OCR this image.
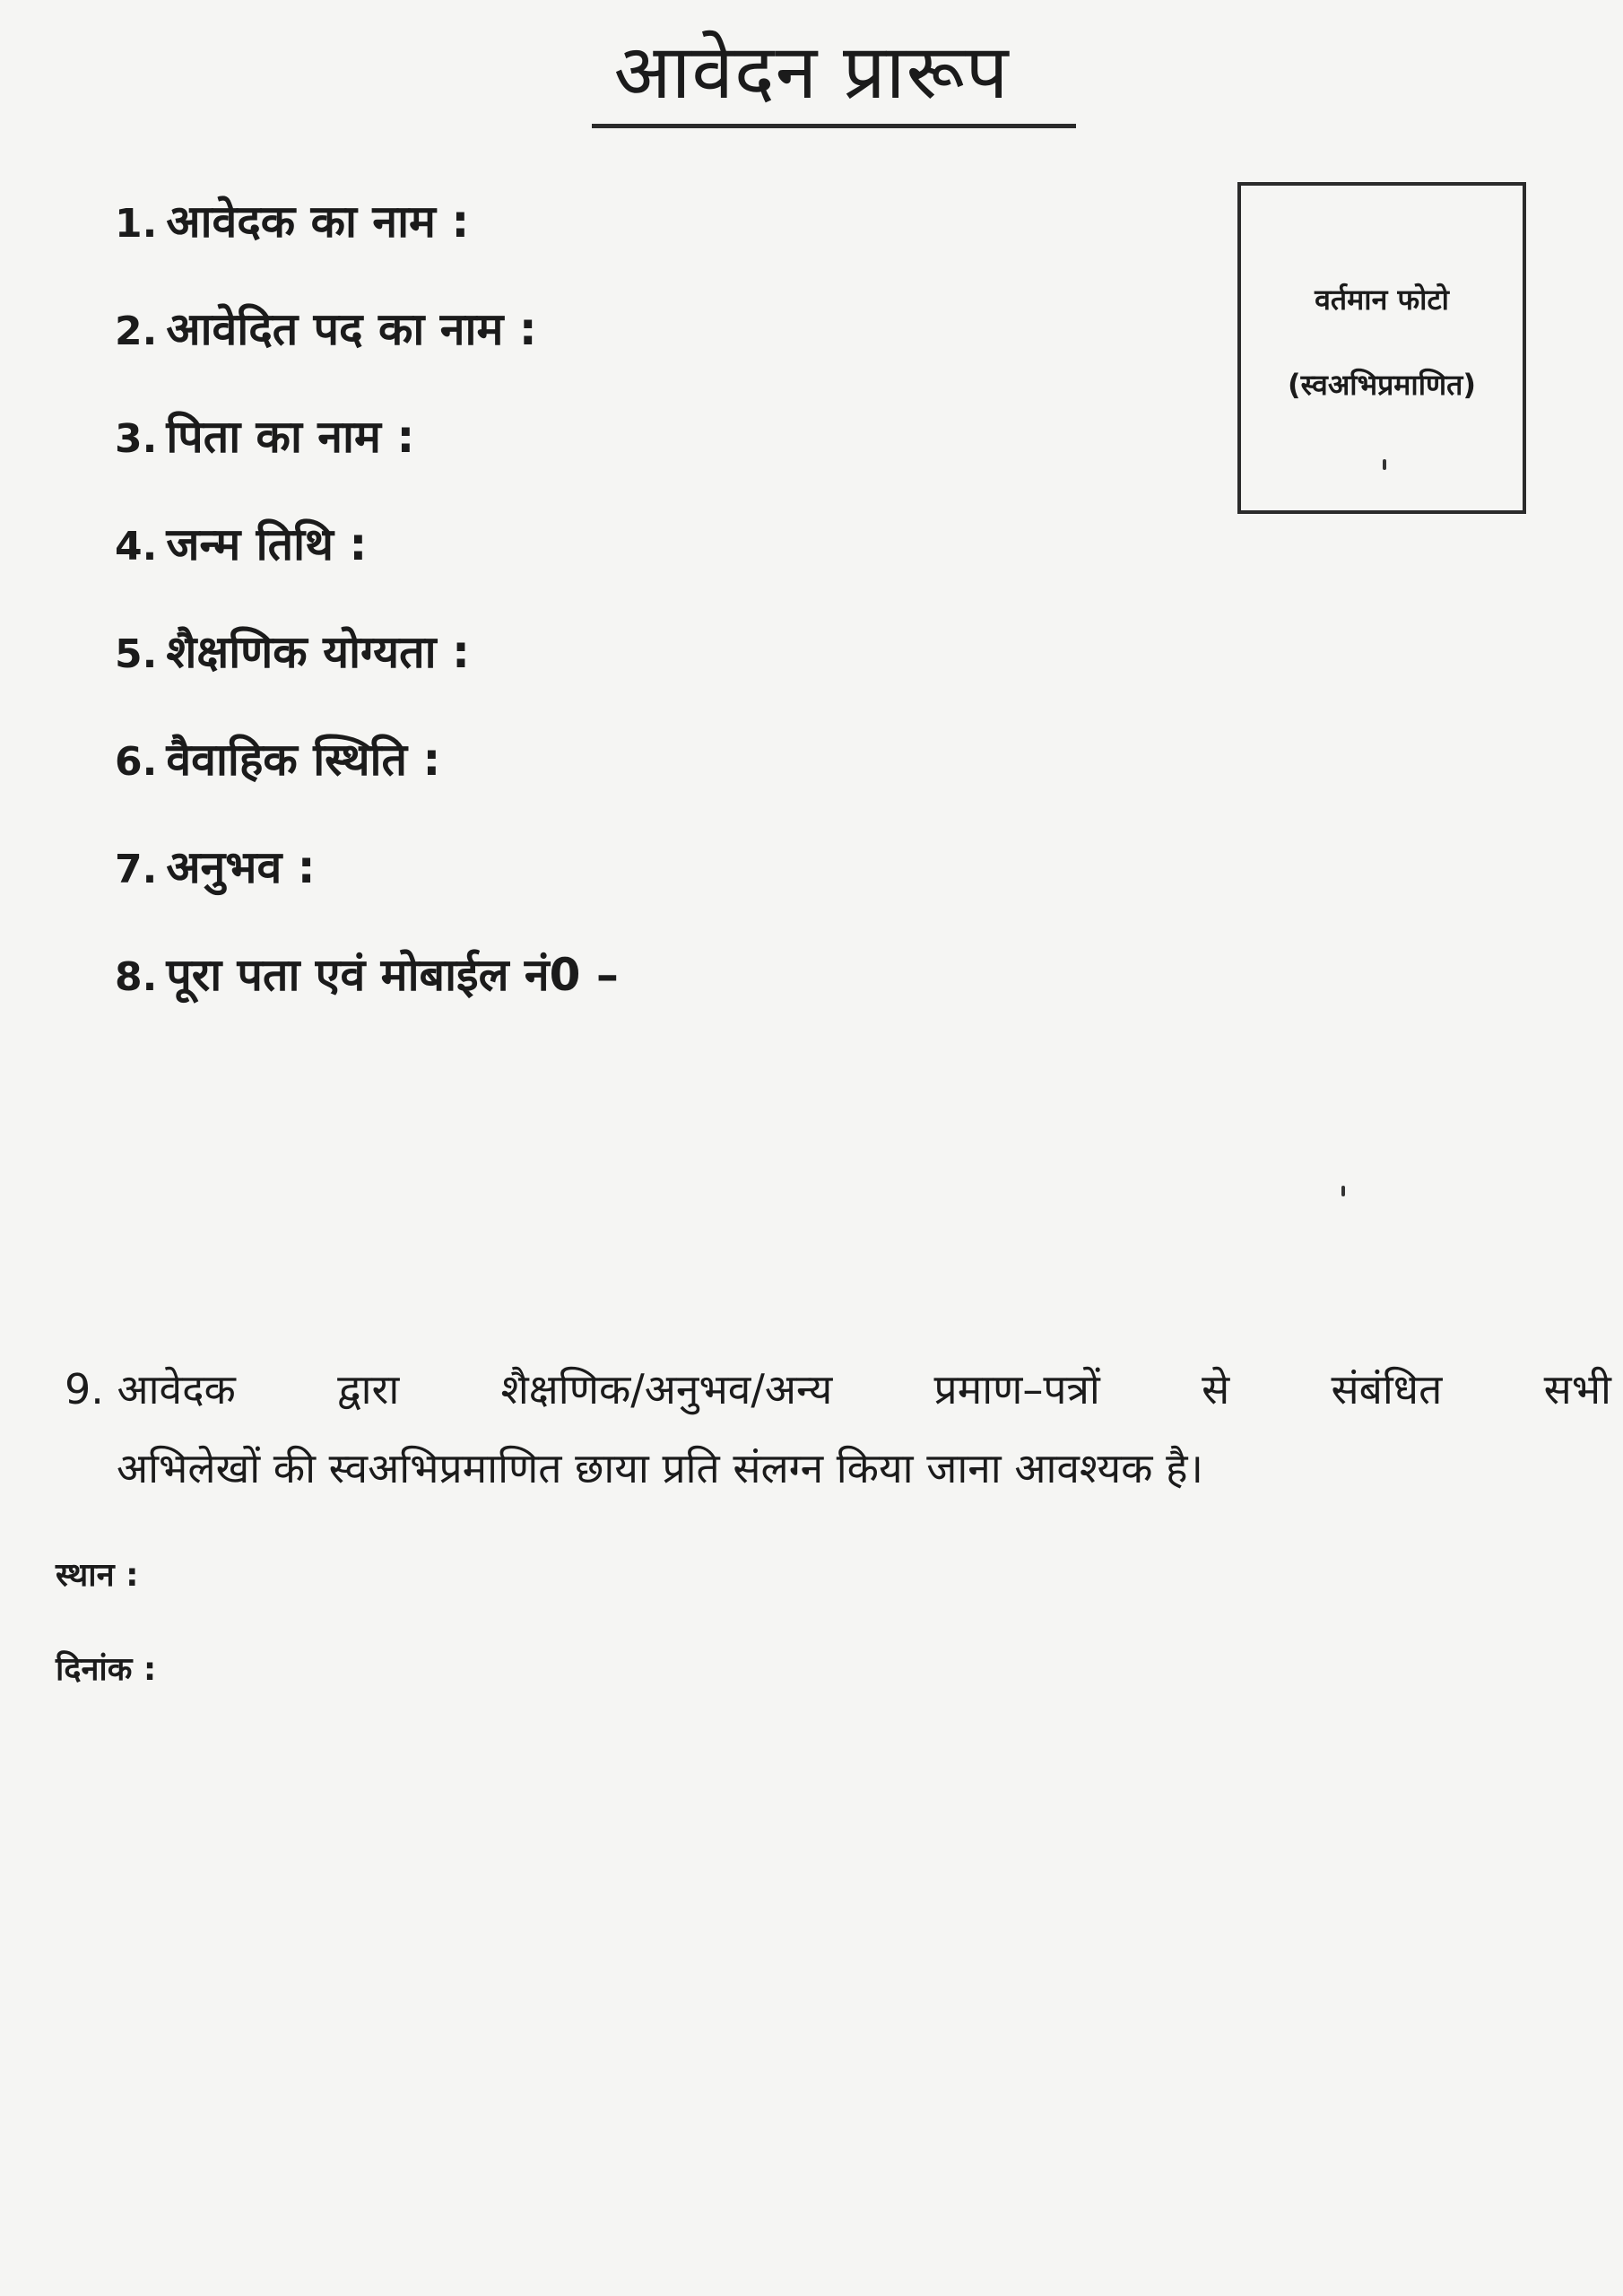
आवेदन प्रारूप
1. आवेदक का नाम :
2. आवेदित पद का नाम :
3. पिता का नाम :
4. जन्म तिथि :
5. शैक्षणिक योग्यता :
6. वैवाहिक स्थिति :
7. अनुभव :
8. पूरा पता एवं मोबाईल नं0 –
वर्तमान फोटो
(स्वअभिप्रमाणित)
9. आवेदक द्वारा शैक्षणिक/अनुभव/अन्य प्रमाण–पत्रों से संबंधित सभी
अभिलेखों की स्वअभिप्रमाणित छाया प्रति संलग्न किया जाना आवश्यक है।
स्थान :
दिनांक :
